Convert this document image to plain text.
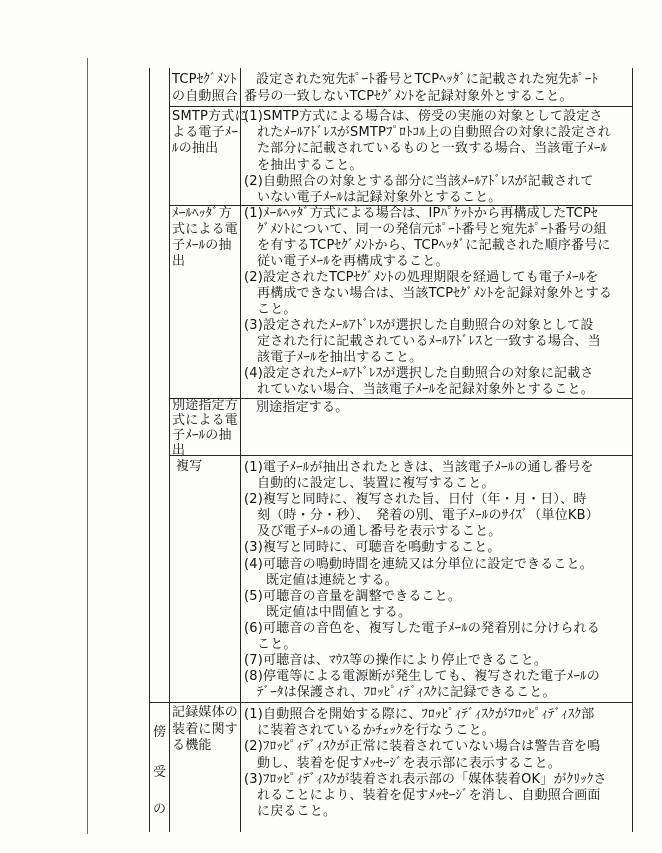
TCPｾｸﾞﾒﾝﾄ
の自動照合
設定された宛先ﾎﾟｰﾄ番号とTCPﾍｯﾀﾞに記載された宛先ﾎﾟｰﾄ
番号の一致しないTCPｾｸﾞﾒﾝﾄを記録対象外とすること。
SMTP方式に
よる電子ﾒｰ
ﾙの抽出
(1)SMTP方式による場合は、傍受の実施の対象として設定さ
れたﾒｰﾙｱﾄﾞﾚｽがSMTPﾌﾟﾛﾄｺﾙ上の自動照合の対象に設定され
た部分に記載されているものと一致する場合、当該電子ﾒｰﾙ
を抽出すること。
(2)自動照合の対象とする部分に当該ﾒｰﾙｱﾄﾞﾚｽが記載されて
いない電子ﾒｰﾙは記録対象外とすること。
ﾒｰﾙﾍｯﾀﾞ方
式による電
子ﾒｰﾙの抽
出
(1)ﾒｰﾙﾍｯﾀﾞ方式による場合は、IPﾊﾟｹｯﾄから再構成したTCPｾ
ｸﾞﾒﾝﾄについて、同一の発信元ﾎﾟｰﾄ番号と宛先ﾎﾟｰﾄ番号の組
を有するTCPｾｸﾞﾒﾝﾄから、TCPﾍｯﾀﾞに記載された順序番号に
従い電子ﾒｰﾙを再構成すること。
(2)設定されたTCPｾｸﾞﾒﾝﾄの処理期限を経過しても電子ﾒｰﾙを
再構成できない場合は、当該TCPｾｸﾞﾒﾝﾄを記録対象外とする
こと。
(3)設定されたﾒｰﾙｱﾄﾞﾚｽが選択した自動照合の対象として設
定された行に記載されているﾒｰﾙｱﾄﾞﾚｽと一致する場合、当
該電子ﾒｰﾙを抽出すること。
(4)設定されたﾒｰﾙｱﾄﾞﾚｽが選択した自動照合の対象に記載さ
れていない場合、当該電子ﾒｰﾙを記録対象外とすること。
別途指定方
式による電
子ﾒｰﾙの抽
出
別途指定する。
複写	(1)電子ﾒｰﾙが抽出されたときは、当該電子ﾒｰﾙの通し番号を
自動的に設定し、装置に複写すること。
(2)複写と同時に、複写された旨、日付（年・月・日）、時
刻（時・分・秒）、　発着の別、電子ﾒｰﾙのｻｲｽﾞ（単位KB）
及び電子ﾒｰﾙの通し番号を表示すること。
(3)複写と同時に、可聴音を鳴動すること。
(4)可聴音の鳴動時間を連続又は分単位に設定できること。
既定値は連続とする。
(5)可聴音の音量を調整できること。
既定値は中間値とする。
(6)可聴音の音色を、複写した電子ﾒｰﾙの発着別に分けられる
こと。
(7)可聴音は、ﾏｳｽ等の操作により停止できること。
(8)停電等による電源断が発生しても、複写された電子ﾒｰﾙの
ﾃﾞｰﾀは保護され、ﾌﾛｯﾋﾟｨﾃﾞｨｽｸに記録できること。
記録媒体の
装着に関す
る機能
(1)自動照合を開始する際に、ﾌﾛｯﾋﾟｨﾃﾞｨｽｸがﾌﾛｯﾋﾟｨﾃﾞｨｽｸ部
に装着されているかﾁｪｯｸを行なうこと。
(2)ﾌﾛｯﾋﾟｨﾃﾞｨｽｸが正常に装着されていない場合は警告音を鳴
動し、装着を促すﾒｯｾｰｼﾞを表示部に表示すること。
(3)ﾌﾛｯﾋﾟｨﾃﾞｨｽｸが装着され表示部の「媒体装着OK」がｸﾘｯｸさ
れることにより、装着を促すﾒｯｾｰｼﾞを消し、自動照合画面
に戻ること。
傍
受
の
